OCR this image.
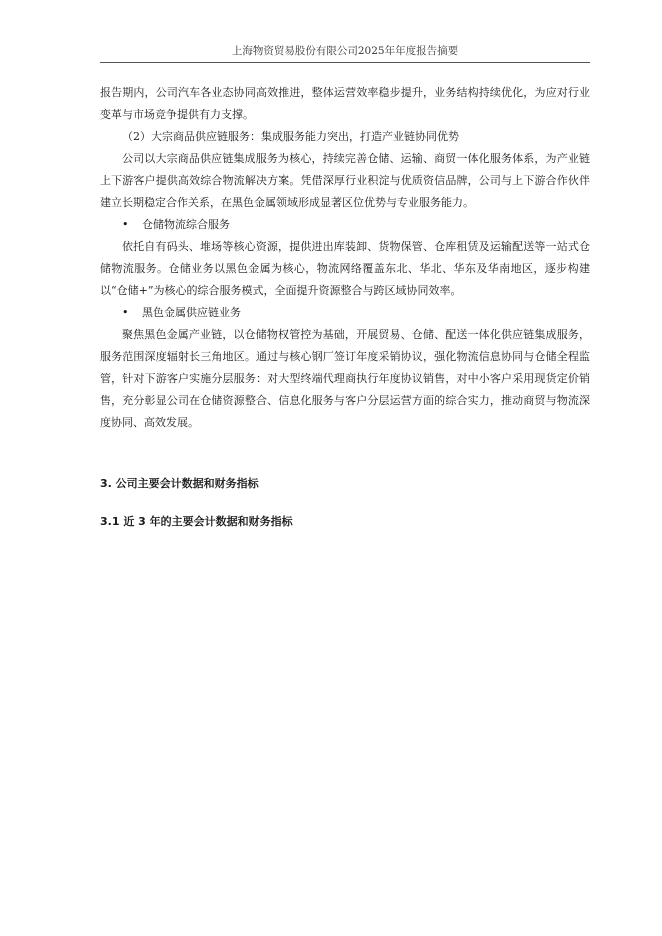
上海物资贸易股份有限公司2025年年度报告摘要

报告期内，公司汽车各业态协同高效推进，整体运营效率稳步提升，业务结构持续优化，为应对行业变革与市场竞争提供有力支撑。

（2）大宗商品供应链服务：集成服务能力突出，打造产业链协同优势

公司以大宗商品供应链集成服务为核心，持续完善仓储、运输、商贸一体化服务体系，为产业链上下游客户提供高效综合物流解决方案。凭借深厚行业积淀与优质资信品牌，公司与上下游合作伙伴建立长期稳定合作关系，在黑色金属领域形成显著区位优势与专业服务能力。

•	仓储物流综合服务

依托自有码头、堆场等核心资源，提供进出库装卸、货物保管、仓库租赁及运输配送等一站式仓储物流服务。仓储业务以黑色金属为核心，物流网络覆盖东北、华北、华东及华南地区，逐步构建以“仓储+”为核心的综合服务模式，全面提升资源整合与跨区域协同效率。

•	黑色金属供应链业务

聚焦黑色金属产业链，以仓储物权管控为基础，开展贸易、仓储、配送一体化供应链集成服务，服务范围深度辐射长三角地区。通过与核心钢厂签订年度采销协议，强化物流信息协同与仓储全程监管，针对下游客户实施分层服务：对大型终端代理商执行年度协议销售，对中小客户采用现货定价销售，充分彰显公司在仓储资源整合、信息化服务与客户分层运营方面的综合实力，推动商贸与物流深度协同、高效发展。

3. 公司主要会计数据和财务指标

3.1 近 3 年的主要会计数据和财务指标
